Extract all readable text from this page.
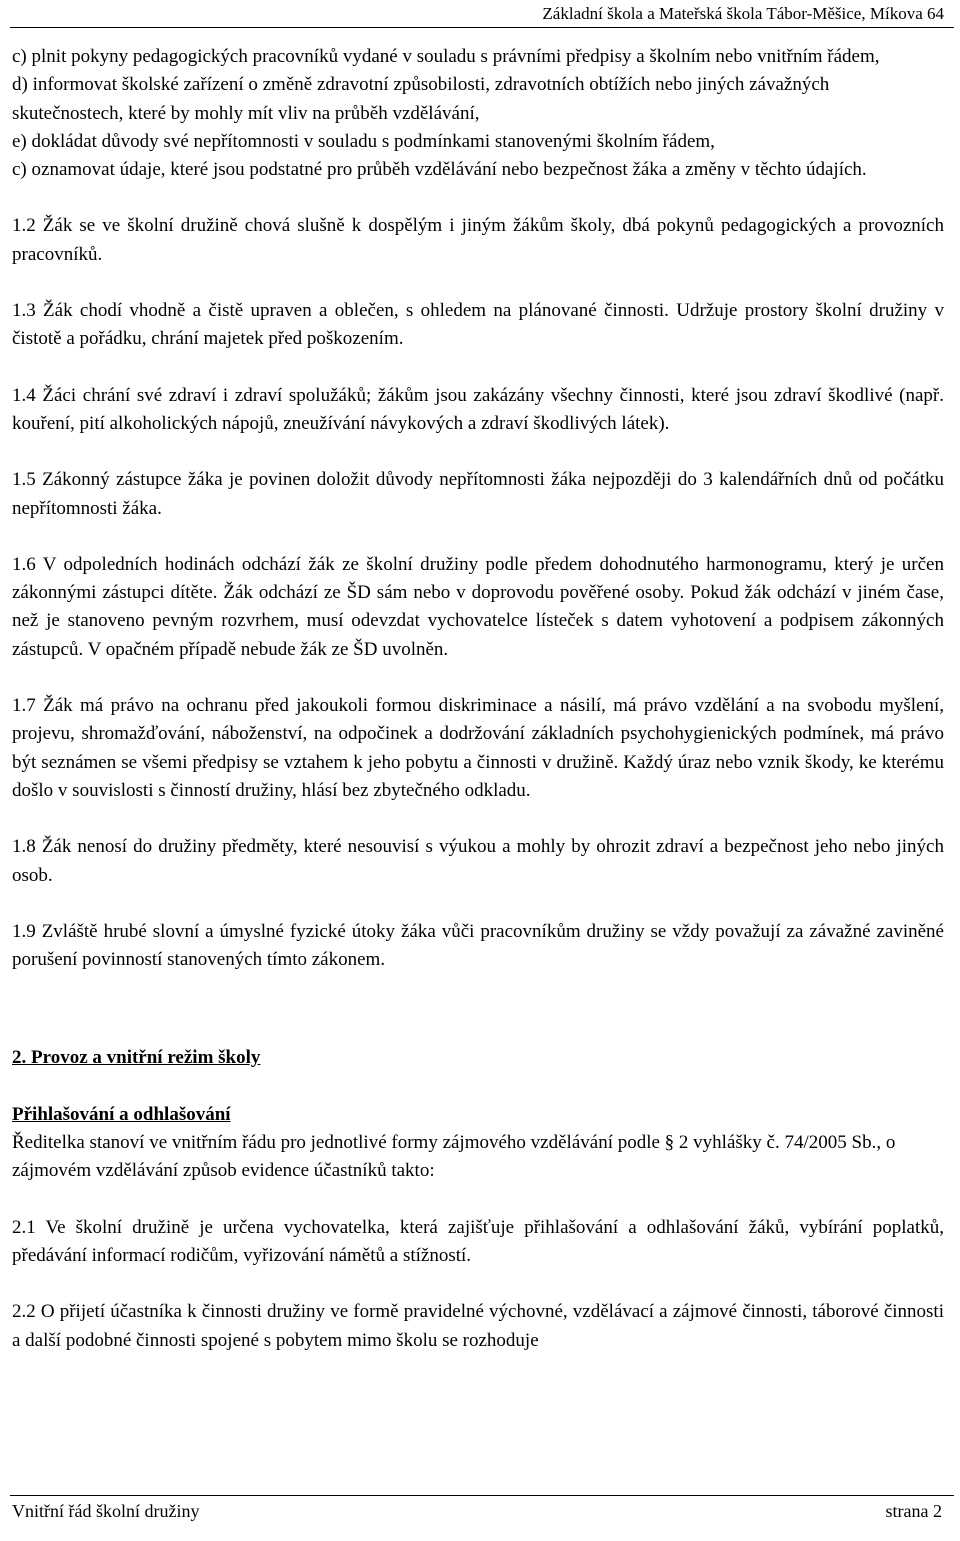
Základní škola a Mateřská škola Tábor-Měšice, Míkova 64

c) plnit pokyny pedagogických pracovníků vydané v souladu s právními předpisy a školním nebo vnitřním řádem,

d) informovat školské zařízení o změně zdravotní způsobilosti, zdravotních obtížích nebo jiných závažných skutečnostech, které by mohly mít vliv na průběh vzdělávání,

e) dokládat důvody své nepřítomnosti v souladu s podmínkami stanovenými školním řádem,

c) oznamovat údaje, které jsou podstatné pro průběh vzdělávání nebo bezpečnost žáka a změny v těchto údajích.

1.2 Žák se ve školní družině chová slušně k dospělým i jiným žákům školy, dbá pokynů pedagogických a provozních pracovníků.

1.3 Žák chodí vhodně a čistě upraven a oblečen, s ohledem na plánované činnosti. Udržuje prostory školní družiny v čistotě a pořádku, chrání majetek před poškozením.

1.4 Žáci chrání své zdraví i zdraví spolužáků; žákům jsou zakázány všechny činnosti, které jsou zdraví škodlivé (např. kouření, pití alkoholických nápojů, zneužívání návykových a zdraví škodlivých látek).

1.5 Zákonný zástupce žáka je povinen doložit důvody nepřítomnosti žáka nejpozději do 3 kalendářních dnů od počátku nepřítomnosti žáka.

1.6 V odpoledních hodinách odchází žák ze školní družiny podle předem dohodnutého harmonogramu, který je určen zákonnými zástupci dítěte. Žák odchází ze ŠD sám nebo v doprovodu pověřené osoby. Pokud žák odchází v jiném čase, než je stanoveno pevným rozvrhem, musí odevzdat vychovatelce lísteček s datem vyhotovení a podpisem zákonných zástupců. V opačném případě nebude žák ze ŠD uvolněn.

1.7 Žák má právo na ochranu před jakoukoli formou diskriminace a násilí, má právo vzdělání a na svobodu myšlení, projevu, shromažďování, náboženství, na odpočinek a dodržování základních psychohygienických podmínek, má právo být seznámen se všemi předpisy se vztahem k jeho pobytu a činnosti v družině. Každý úraz nebo vznik škody, ke kterému došlo v souvislosti s činností družiny, hlásí bez zbytečného odkladu.

1.8 Žák nenosí do družiny předměty, které nesouvisí s výukou a mohly by ohrozit zdraví a bezpečnost jeho nebo jiných osob.

1.9 Zvláště hrubé slovní a úmyslné fyzické útoky žáka vůči pracovníkům družiny se vždy považují za závažné zaviněné porušení povinností stanovených tímto zákonem.

2. Provoz a vnitřní režim školy

Přihlašování a odhlašování

Ředitelka stanoví ve vnitřním řádu pro jednotlivé formy zájmového vzdělávání podle § 2 vyhlášky č. 74/2005 Sb., o zájmovém vzdělávání způsob evidence účastníků takto:

2.1 Ve školní družině je určena vychovatelka, která zajišťuje přihlašování a odhlašování žáků, vybírání poplatků, předávání informací rodičům, vyřizování námětů a stížností.

2.2 O přijetí účastníka k činnosti družiny ve formě pravidelné výchovné, vzdělávací a zájmové činnosti, táborové činnosti a další podobné činnosti spojené s pobytem mimo školu se rozhoduje

Vnitřní řád školní družiny	strana 2
